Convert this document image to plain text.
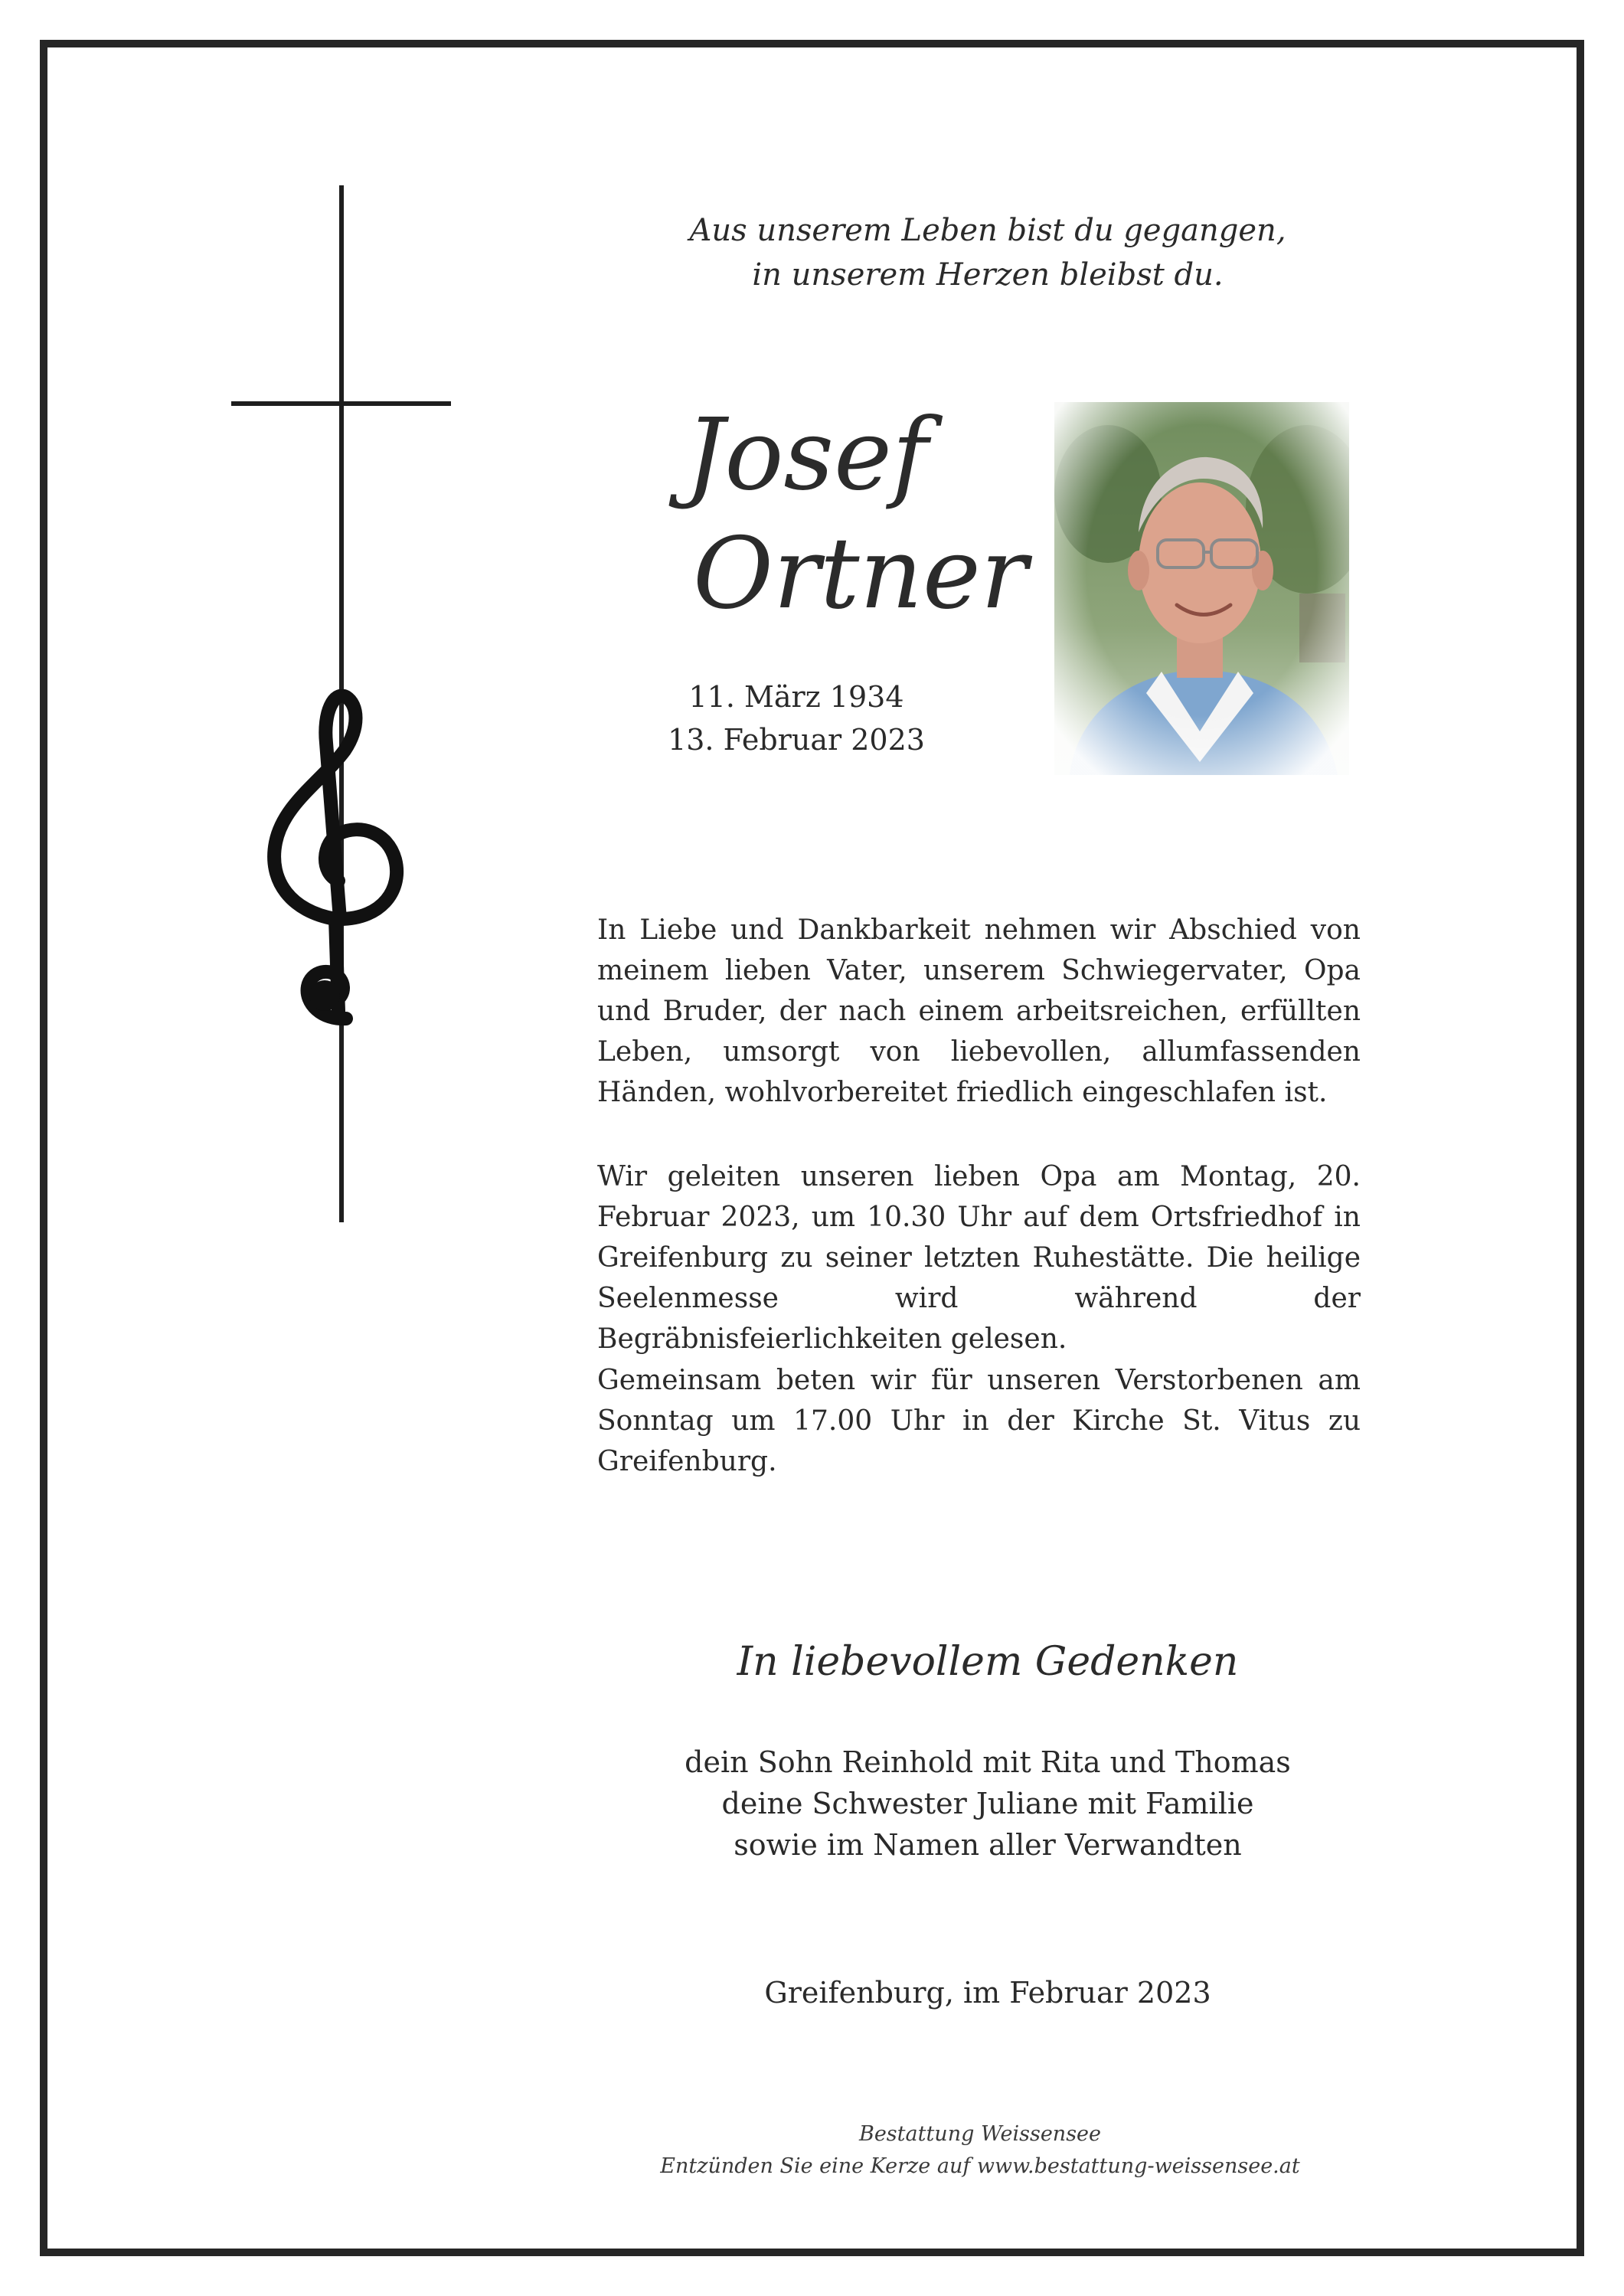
Aus unserem Leben bist du gegangen,
in unserem Herzen bleibst du.
Josef
Ortner
11. März 1934
13. Februar 2023
In Liebe und Dankbarkeit nehmen wir Abschied von meinem lieben Vater, unserem Schwiegervater, Opa und Bruder, der nach einem arbeitsreichen, erfüllten Leben, umsorgt von liebevollen, allumfassenden Händen, wohlvorbereitet friedlich eingeschlafen ist.
Wir geleiten unseren lieben Opa am Montag, 20. Februar 2023, um 10.30 Uhr auf dem Ortsfriedhof in Greifenburg zu seiner letzten Ruhestätte. Die heilige Seelenmesse wird während der Begräbnisfeierlichkeiten gelesen.
Gemeinsam beten wir für unseren Verstorbenen am Sonntag um 17.00 Uhr in der Kirche St. Vitus zu Greifenburg.
In liebevollem Gedenken
dein Sohn Reinhold mit Rita und Thomas
deine Schwester Juliane mit Familie
sowie im Namen aller Verwandten
Greifenburg, im Februar 2023
Bestattung Weissensee
Entzünden Sie eine Kerze auf www.bestattung-weissensee.at
